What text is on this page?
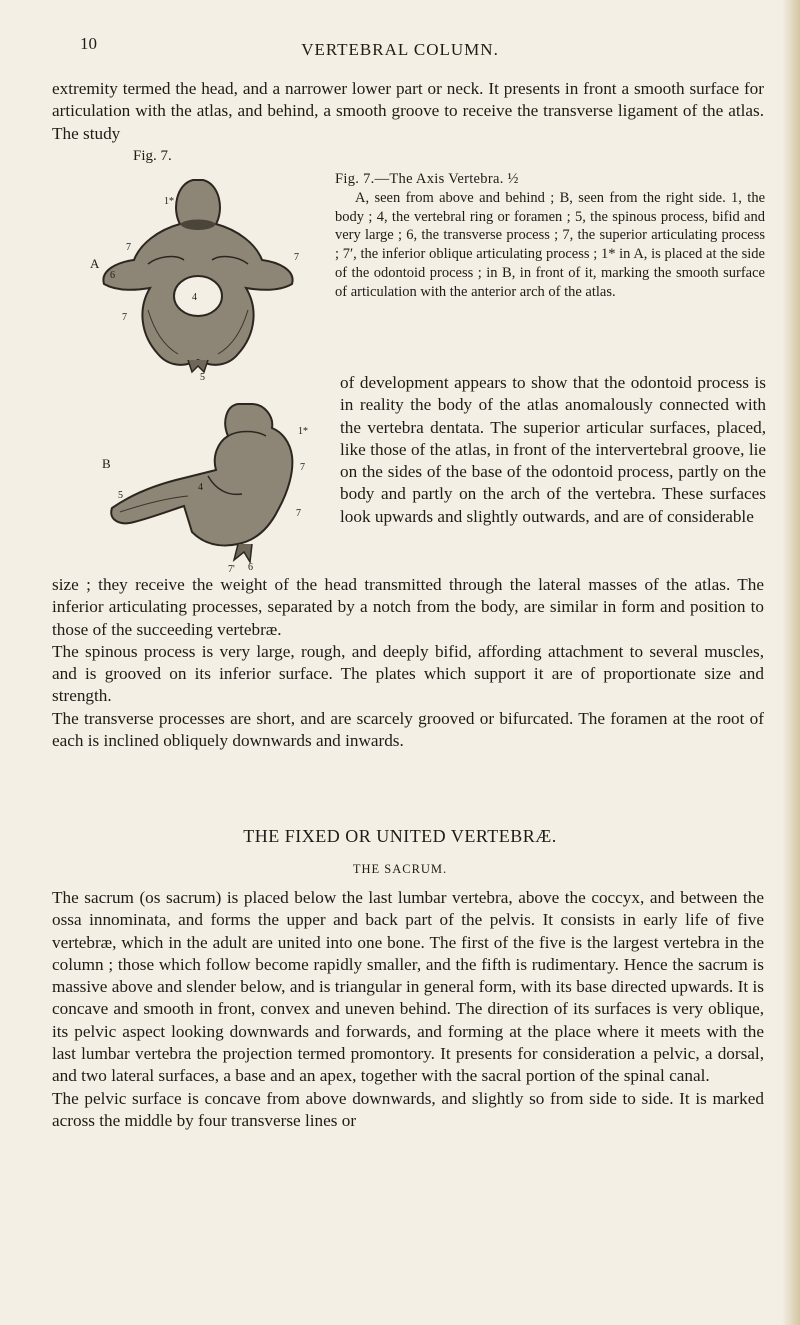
10	VERTEBRAL COLUMN.
extremity termed the head, and a narrower lower part or neck. It presents in front a smooth surface for articulation with the atlas, and behind, a smooth groove to receive the transverse ligament of the atlas. The study
Fig. 7.
A
1*
7
4
7
6
5
7
B
1*
7
5
4
7
6
7'
Fig. 7.—The Axis Vertebra. ½
A, seen from above and behind ; B, seen from the right side. 1, the body ; 4, the vertebral ring or foramen ; 5, the spinous process, bifid and very large ; 6, the transverse process ; 7, the superior articulating process ; 7′, the inferior oblique articulating process ; 1* in A, is placed at the side of the odontoid process ; in B, in front of it, marking the smooth surface of articulation with the anterior arch of the atlas.
of development appears to show that the odontoid process is in reality the body of the atlas anomalously connected with the vertebra dentata. The superior articular surfaces, placed, like those of the atlas, in front of the intervertebral groove, lie on the sides of the base of the odontoid process, partly on the body and partly on the arch of the vertebra. These surfaces look upwards and slightly outwards, and are of considerable

size ; they receive the weight of the head transmitted through the lateral masses of the atlas. The inferior articulating processes, separated by a notch from the body, are similar in form and position to those of the succeeding vertebræ.

The spinous process is very large, rough, and deeply bifid, affording attachment to several muscles, and is grooved on its inferior surface. The plates which support it are of proportionate size and strength.

The transverse processes are short, and are scarcely grooved or bifurcated. The foramen at the root of each is inclined obliquely downwards and inwards.

THE FIXED OR UNITED VERTEBRÆ.
THE SACRUM.

The sacrum (os sacrum) is placed below the last lumbar vertebra, above the coccyx, and between the ossa innominata, and forms the upper and back part of the pelvis. It consists in early life of five vertebræ, which in the adult are united into one bone. The first of the five is the largest vertebra in the column ; those which follow become rapidly smaller, and the fifth is rudimentary. Hence the sacrum is massive above and slender below, and is triangular in general form, with its base directed upwards. It is concave and smooth in front, convex and uneven behind. The direction of its surfaces is very oblique, its pelvic aspect looking downwards and forwards, and forming at the place where it meets with the last lumbar vertebra the projection termed promontory. It presents for consideration a pelvic, a dorsal, and two lateral surfaces, a base and an apex, together with the sacral portion of the spinal canal.

The pelvic surface is concave from above downwards, and slightly so from side to side. It is marked across the middle by four transverse lines or
